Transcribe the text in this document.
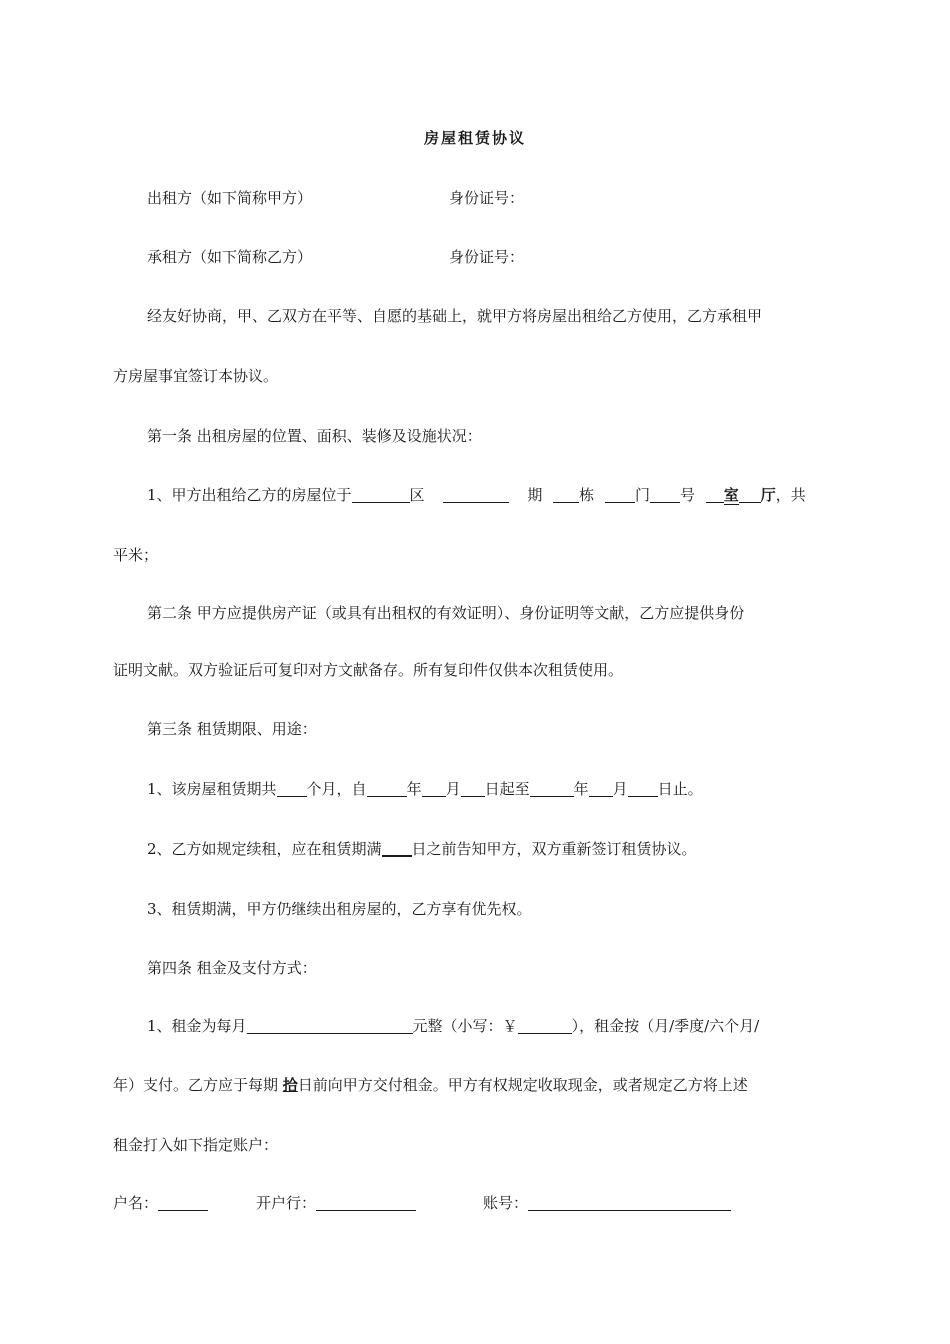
房屋租赁协议
出租方（如下简称甲方）	身份证号：
承租方（如下简称乙方）	身份证号：
经友好协商，甲、乙双方在平等、自愿的基础上，就甲方将房屋出租给乙方使用，乙方承租甲
方房屋事宜签订本协议。
第一条 出租房屋的位置、面积、装修及设施状况：
1、甲方出租给乙方的房屋位于	区	期 栋	门 号 室 厅，共
平米；
第二条 甲方应提供房产证（或具有出租权的有效证明）、身份证明等文献，乙方应提供身份
证明文献。双方验证后可复印对方文献备存。所有复印件仅供本次租赁使用。
第三条 租赁期限、用途：
1、该房屋租赁期共 个月，自	年 月 日起至	年 月 日止。
2、乙方如规定续租，应在租赁期满 日之前告知甲方，双方重新签订租赁协议。
3、租赁期满，甲方仍继续出租房屋的，乙方享有优先权。
第四条 租金及支付方式：
1、租金为每月	元整（小写：￥	），租金按（月/季度/六个月/
年）支付。乙方应于每期 拾日前向甲方交付租金。甲方有权规定收取现金，或者规定乙方将上述
租金打入如下指定账户：
户名：	开户行：	账号：
